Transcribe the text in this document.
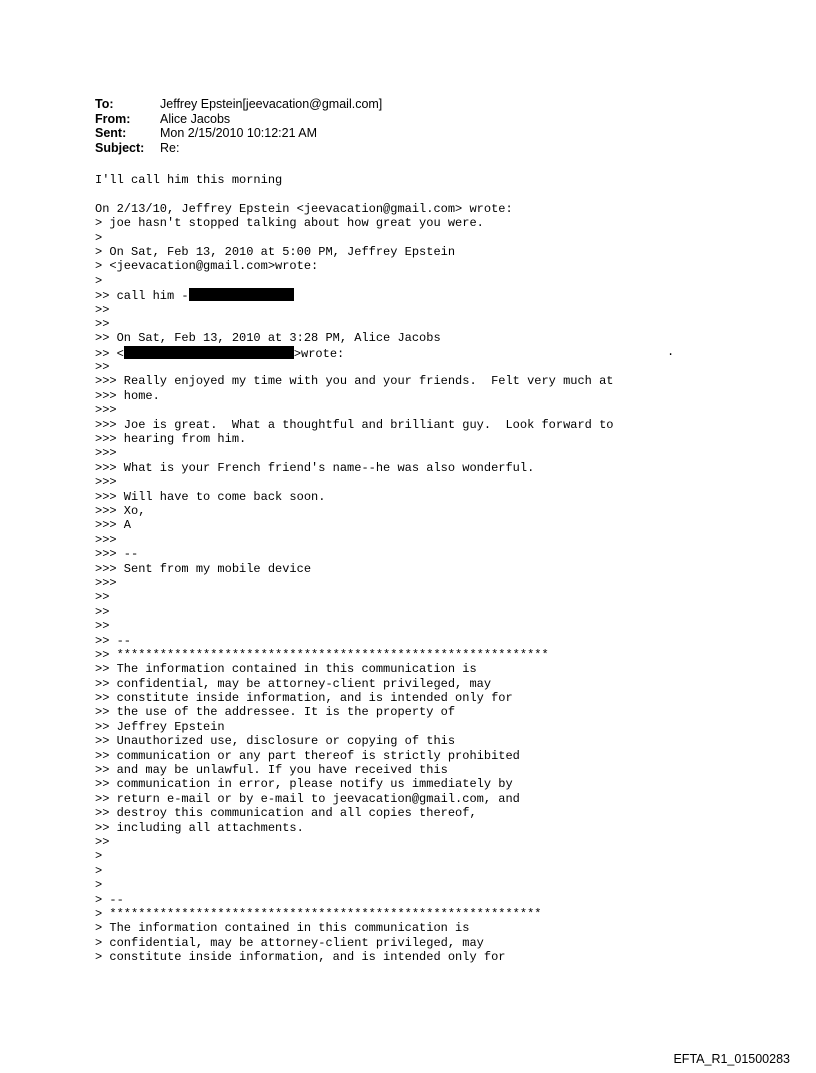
To:	Jeffrey Epstein[jeevacation@gmail.com]
From:	Alice Jacobs
Sent:	Mon 2/15/2010 10:12:21 AM
Subject:	Re:
I'll call him this morning
On 2/13/10, Jeffrey Epstein <jeevacation@gmail.com> wrote:
> joe hasn't stopped talking about how great you were.
>
> On Sat, Feb 13, 2010 at 5:00 PM, Jeffrey Epstein
> <jeevacation@gmail.com>wrote:
>
>> call him -
>>
>>
>> On Sat, Feb 13, 2010 at 3:28 PM, Alice Jacobs
>> <	>wrote:
>>
>>> Really enjoyed my time with you and your friends.  Felt very much at
>>> home.
>>>
>>> Joe is great.  What a thoughtful and brilliant guy.  Look forward to
>>> hearing from him.
>>>
>>> What is your French friend's name--he was also wonderful.
>>>
>>> Will have to come back soon.
>>> Xo,
>>> A
>>>
>>> --
>>> Sent from my mobile device
>>>
>>
>>
>>
>> --
>> ************************************************************
>> The information contained in this communication is
>> confidential, may be attorney-client privileged, may
>> constitute inside information, and is intended only for
>> the use of the addressee. It is the property of
>> Jeffrey Epstein
>> Unauthorized use, disclosure or copying of this
>> communication or any part thereof is strictly prohibited
>> and may be unlawful. If you have received this
>> communication in error, please notify us immediately by
>> return e-mail or by e-mail to jeevacation@gmail.com, and
>> destroy this communication and all copies thereof,
>> including all attachments.
>>
>
>
>
> --
> ************************************************************
> The information contained in this communication is
> confidential, may be attorney-client privileged, may
> constitute inside information, and is intended only for
.
EFTA_R1_01500283
